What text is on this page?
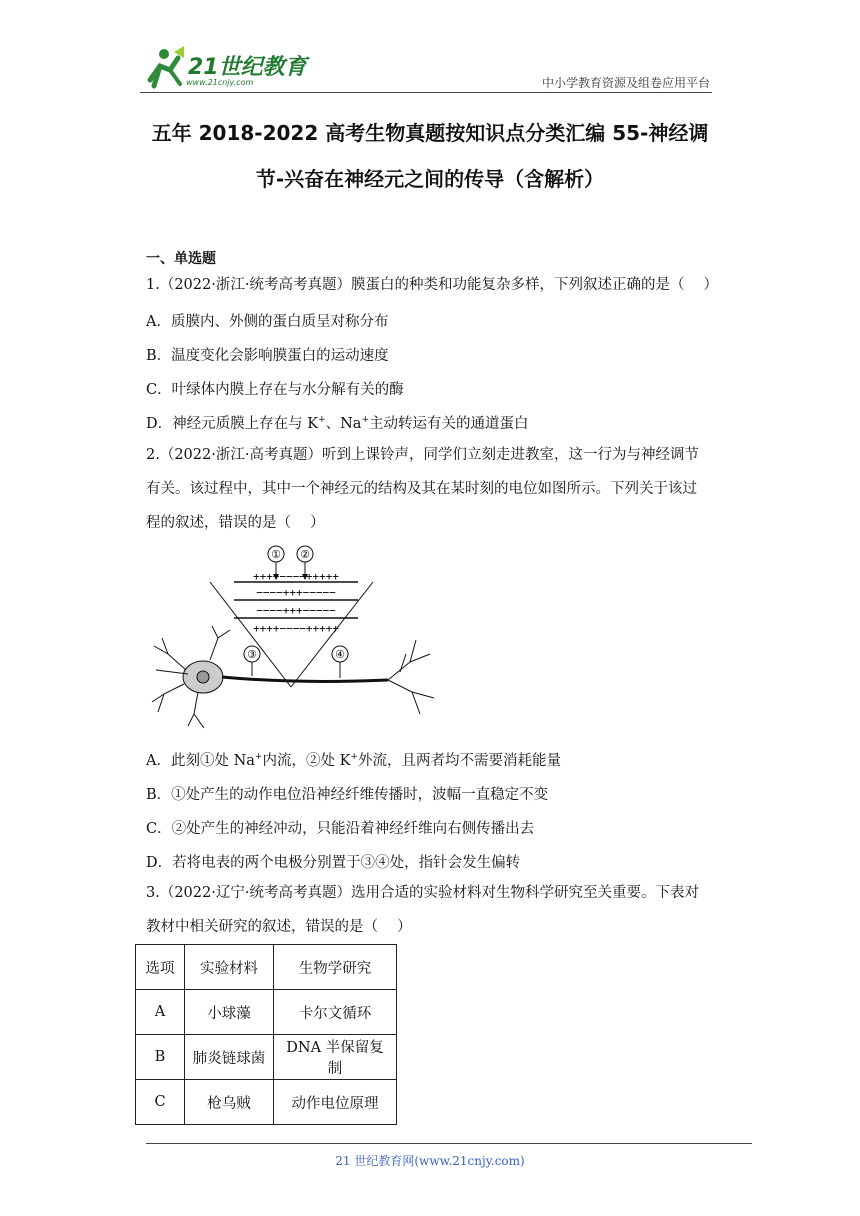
21世纪教育
www.21cnjy.com	中小学教育资源及组卷应用平台
五年 2018-2022 高考生物真题按知识点分类汇编 55-神经调
节-兴奋在神经元之间的传导（含解析）
一、单选题
1.（2022·浙江·统考高考真题）膜蛋白的种类和功能复杂多样，下列叙述正确的是（　 ）
A．质膜内、外侧的蛋白质呈对称分布
B．温度变化会影响膜蛋白的运动速度
C．叶绿体内膜上存在与水分解有关的酶
D．神经元质膜上存在与 K+、Na+主动转运有关的通道蛋白
2.（2022·浙江·高考真题）听到上课铃声，同学们立刻走进教室，这一行为与神经调节
有关。该过程中，其中一个神经元的结构及其在某时刻的电位如图所示。下列关于该过
程的叙述，错误的是（　 ）
① ②
++++−−−−+++++
−−−−+++−−−−−
−−−−+++−−−−−
++++−−−−+++++
③	④
A．此刻①处 Na+内流，②处 K+外流，且两者均不需要消耗能量
B．①处产生的动作电位沿神经纤维传播时，波幅一直稳定不变
C．②处产生的神经冲动，只能沿着神经纤维向右侧传播出去
D．若将电表的两个电极分别置于③④处，指针会发生偏转
3.（2022·辽宁·统考高考真题）选用合适的实验材料对生物科学研究至关重要。下表对
教材中相关研究的叙述，错误的是（　 ）
选项	实验材料	生物学研究
A	小球藻	卡尔文循环
B	肺炎链球菌	DNA 半保留复制
C	枪乌贼	动作电位原理
21 世纪教育网(www.21cnjy.com)
